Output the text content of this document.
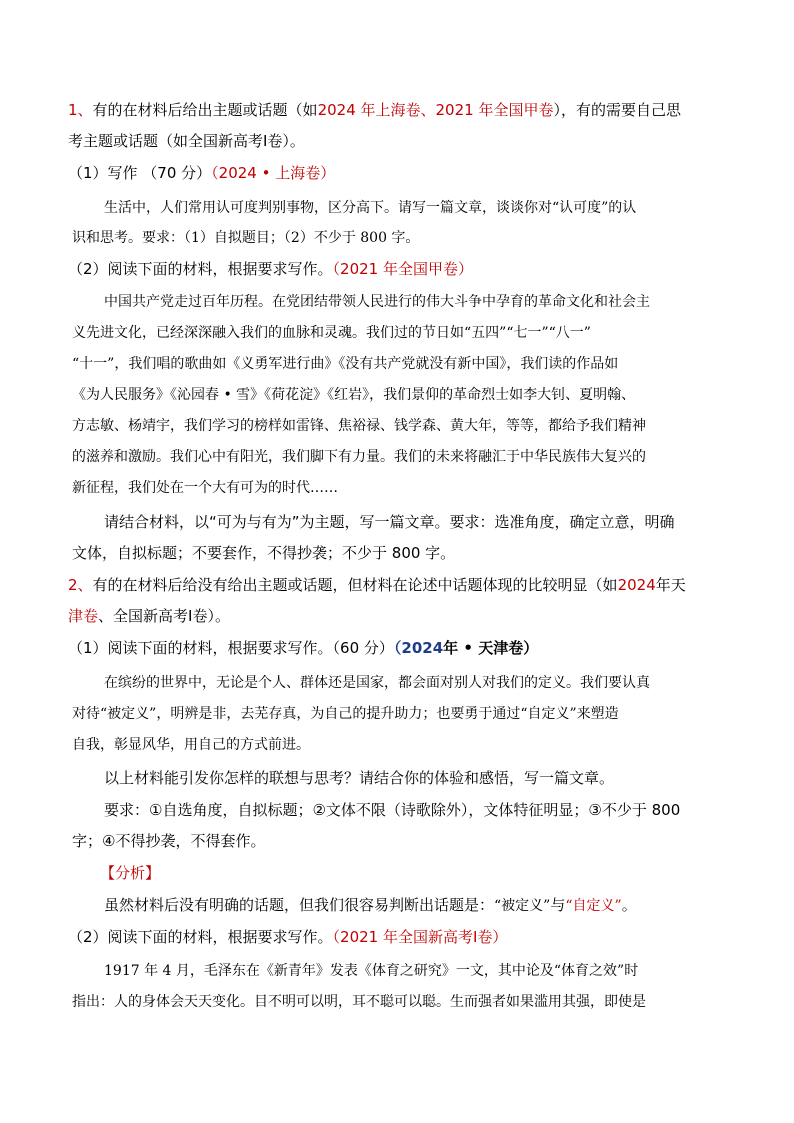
1、有的在材料后给出主题或话题（如2024 年上海卷、2021 年全国甲卷），有的需要自己思
考主题或话题（如全国新高考Ⅰ卷）。
（1）写作 （70 分）（2024 • 上海卷）
生活中，人们常用认可度判别事物，区分高下。请写一篇文章，谈谈你对“认可度”的认
识和思考。要求：（1）自拟题目；（2）不少于 800 字。
（2）阅读下面的材料，根据要求写作。（2021 年全国甲卷）
中国共产党走过百年历程。在党团结带领人民进行的伟大斗争中孕育的革命文化和社会主
义先进文化，已经深深融入我们的血脉和灵魂。我们过的节日如“五四”“七一”“八一”
“十一”，我们唱的歌曲如《义勇军进行曲》《没有共产党就没有新中国》，我们读的作品如
《为人民服务》《沁园春 • 雪》《荷花淀》《红岩》，我们景仰的革命烈士如李大钊、夏明翰、
方志敏、杨靖宇，我们学习的榜样如雷锋、焦裕禄、钱学森、黄大年，等等，都给予我们精神
的滋养和激励。我们心中有阳光，我们脚下有力量。我们的未来将融汇于中华民族伟大复兴的
新征程，我们处在一个大有可为的时代……
请结合材料，以“可为与有为”为主题，写一篇文章。要求：选准角度，确定立意，明确
文体，自拟标题；不要套作，不得抄袭；不少于 800 字。
2、有的在材料后给没有给出主题或话题，但材料在论述中话题体现的比较明显（如2024年天
津卷、全国新高考Ⅰ卷）。
（1）阅读下面的材料，根据要求写作。（60 分）（2024年 • 天津卷）
在缤纷的世界中，无论是个人、群体还是国家，都会面对别人对我们的定义。我们要认真
对待“被定义”，明辨是非，去芜存真，为自己的提升助力；也要勇于通过“自定义”来塑造
自我，彰显风华，用自己的方式前进。
以上材料能引发你怎样的联想与思考？请结合你的体验和感悟，写一篇文章。
要求：①自选角度，自拟标题；②文体不限（诗歌除外），文体特征明显；③不少于 800
字；④不得抄袭，不得套作。
【分析】
虽然材料后没有明确的话题，但我们很容易判断出话题是：“被定义”与“自定义”。
（2）阅读下面的材料，根据要求写作。（2021 年全国新高考Ⅰ卷）
1917 年 4 月，毛泽东在《新青年》发表《体育之研究》一文，其中论及“体育之效”时
指出：人的身体会天天变化。目不明可以明，耳不聪可以聪。生而强者如果滥用其强，即使是
